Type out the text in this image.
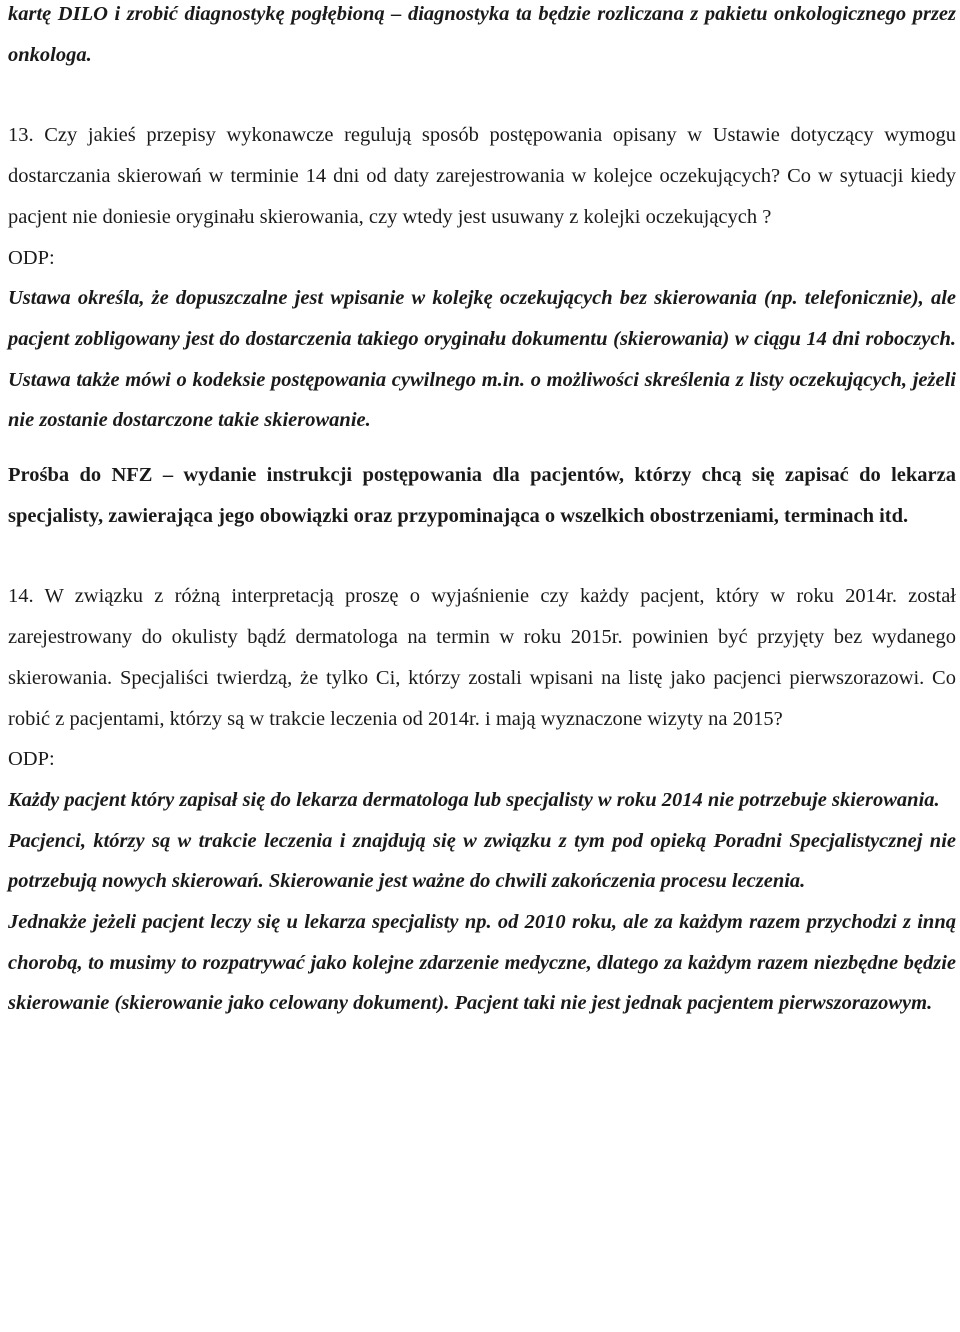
kartę DILO i zrobić diagnostykę pogłębioną – diagnostyka ta będzie rozliczana z pakietu onkologicznego przez onkologa.

13. Czy jakieś przepisy wykonawcze regulują sposób postępowania opisany w Ustawie dotyczący wymogu dostarczania skierowań w terminie 14 dni od daty zarejestrowania w kolejce oczekujących? Co w sytuacji kiedy pacjent nie doniesie oryginału skierowania, czy wtedy jest usuwany z kolejki oczekujących ?

ODP:

Ustawa określa, że dopuszczalne jest wpisanie w kolejkę oczekujących bez skierowania (np. telefonicznie), ale pacjent zobligowany jest do dostarczenia takiego oryginału dokumentu (skierowania) w ciągu 14 dni roboczych. Ustawa także mówi o kodeksie postępowania cywilnego m.in. o możliwości skreślenia z listy oczekujących, jeżeli nie zostanie dostarczone takie skierowanie.

Prośba do NFZ – wydanie instrukcji postępowania dla pacjentów, którzy chcą się zapisać do lekarza specjalisty, zawierająca jego obowiązki oraz przypominająca o wszelkich obostrzeniami, terminach itd.

14. W związku z różną interpretacją proszę o wyjaśnienie czy każdy pacjent, który w roku 2014r. został zarejestrowany do okulisty bądź dermatologa na termin w roku 2015r. powinien być przyjęty bez wydanego skierowania. Specjaliści twierdzą, że tylko Ci, którzy zostali wpisani na listę jako pacjenci pierwszorazowi. Co robić z pacjentami, którzy są w trakcie leczenia od 2014r. i mają wyznaczone wizyty na 2015?

ODP:

Każdy pacjent który zapisał się do lekarza dermatologa lub specjalisty w roku 2014 nie potrzebuje skierowania.

Pacjenci, którzy są w trakcie leczenia i znajdują się w związku z tym pod opieką Poradni Specjalistycznej nie potrzebują nowych skierowań. Skierowanie jest ważne do chwili zakończenia procesu leczenia.

Jednakże jeżeli pacjent leczy się u lekarza specjalisty np. od 2010 roku, ale za każdym razem przychodzi z inną chorobą, to musimy to rozpatrywać jako kolejne zdarzenie medyczne, dlatego za każdym razem niezbędne będzie skierowanie (skierowanie jako celowany dokument). Pacjent taki nie jest jednak pacjentem pierwszorazowym.
